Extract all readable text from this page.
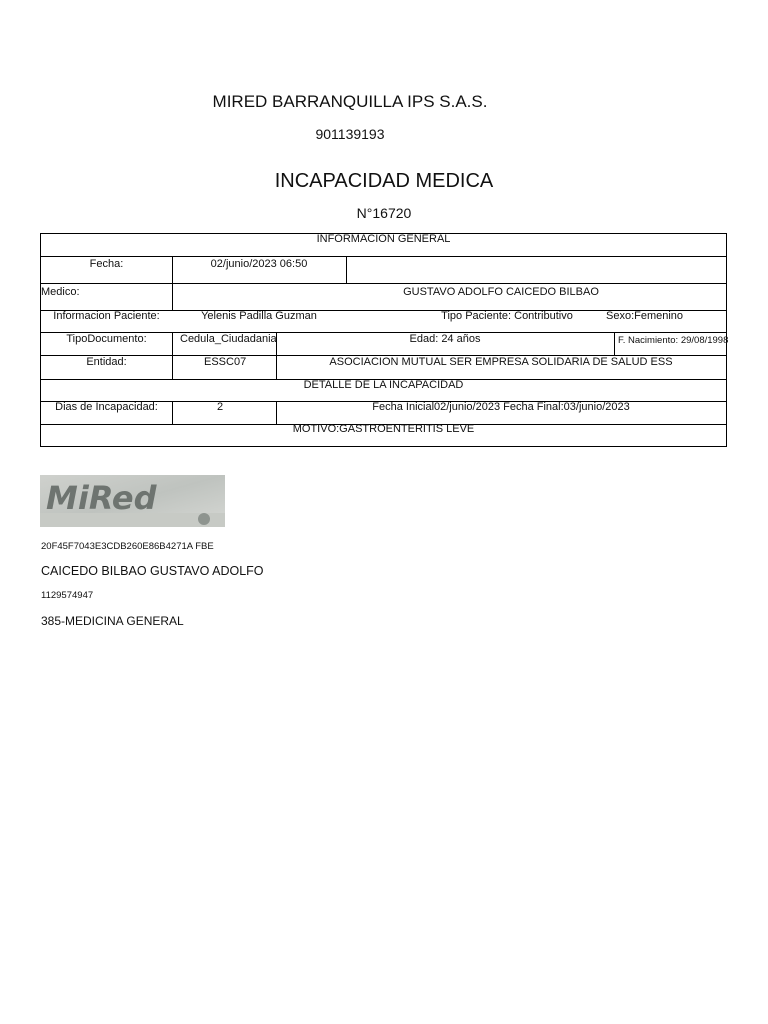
MIRED BARRANQUILLA IPS S.A.S.
901139193
INCAPACIDAD MEDICA
N°16720
INFORMACION GENERAL
Fecha:	02/junio/2023 06:50
Medico:	GUSTAVO ADOLFO CAICEDO BILBAO
Informacion Paciente:	Yelenis Padilla Guzman	Tipo Paciente: Contributivo	Sexo:Femenino
TipoDocumento:	Cedula_Ciudadania	Edad: 24 años	F. Nacimiento: 29/08/1998
Entidad:	ESSC07	ASOCIACION MUTUAL SER EMPRESA SOLIDARIA DE SALUD ESS
DETALLE DE LA INCAPACIDAD
Dias de Incapacidad:	2	Fecha Inicial02/junio/2023 Fecha Final:03/junio/2023
MOTIVO:GASTROENTERITIS LEVE
MiRed
20F45F7043E3CDB260E86B4271A FBE
CAICEDO BILBAO GUSTAVO ADOLFO
1129574947
385-MEDICINA GENERAL
